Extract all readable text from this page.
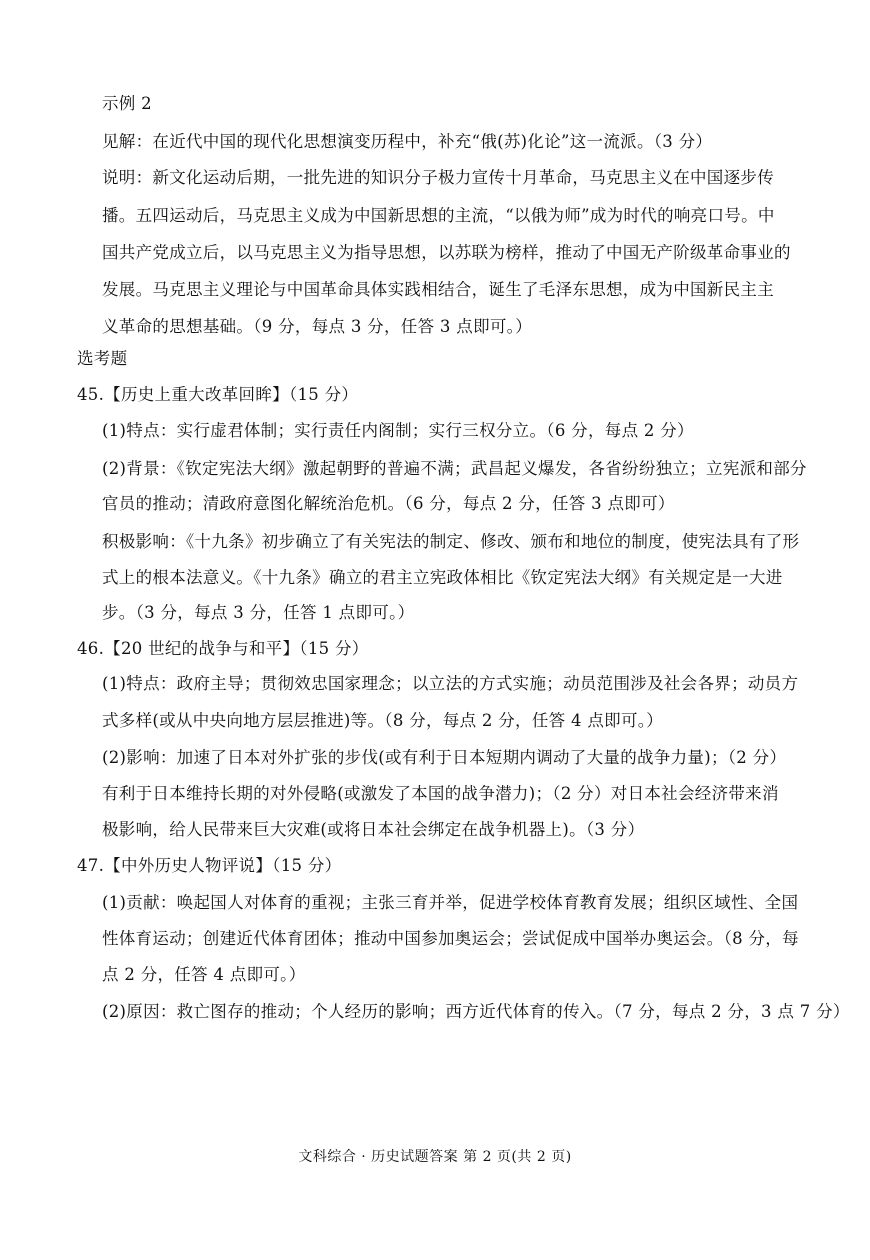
示例 2
见解：在近代中国的现代化思想演变历程中，补充“俄(苏)化论”这一流派。（3 分）
说明：新文化运动后期，一批先进的知识分子极力宣传十月革命，马克思主义在中国逐步传
播。五四运动后，马克思主义成为中国新思想的主流，“以俄为师”成为时代的响亮口号。中
国共产党成立后，以马克思主义为指导思想，以苏联为榜样，推动了中国无产阶级革命事业的
发展。马克思主义理论与中国革命具体实践相结合，诞生了毛泽东思想，成为中国新民主主
义革命的思想基础。（9 分，每点 3 分，任答 3 点即可。）
选考题
45.【历史上重大改革回眸】（15 分）
(1)特点：实行虚君体制；实行责任内阁制；实行三权分立。（6 分，每点 2 分）
(2)背景：《钦定宪法大纲》激起朝野的普遍不满；武昌起义爆发，各省纷纷独立；立宪派和部分
官员的推动；清政府意图化解统治危机。（6 分，每点 2 分，任答 3 点即可）
积极影响：《十九条》初步确立了有关宪法的制定、修改、颁布和地位的制度，使宪法具有了形
式上的根本法意义。《十九条》确立的君主立宪政体相比《钦定宪法大纲》有关规定是一大进
步。（3 分，每点 3 分，任答 1 点即可。）
46.【20 世纪的战争与和平】（15 分）
(1)特点：政府主导；贯彻效忠国家理念；以立法的方式实施；动员范围涉及社会各界；动员方
式多样(或从中央向地方层层推进)等。（8 分，每点 2 分，任答 4 点即可。）
(2)影响：加速了日本对外扩张的步伐(或有利于日本短期内调动了大量的战争力量)；（2 分）
有利于日本维持长期的对外侵略(或激发了本国的战争潜力)；（2 分）对日本社会经济带来消
极影响，给人民带来巨大灾难(或将日本社会绑定在战争机器上)。（3 分）
47.【中外历史人物评说】（15 分）
(1)贡献：唤起国人对体育的重视；主张三育并举，促进学校体育教育发展；组织区域性、全国
性体育运动；创建近代体育团体；推动中国参加奥运会；尝试促成中国举办奥运会。（8 分，每
点 2 分，任答 4 点即可。）
(2)原因：救亡图存的推动；个人经历的影响；西方近代体育的传入。（7 分，每点 2 分，3 点 7 分）
文科综合 · 历史试题答案 第 2 页(共 2 页)
